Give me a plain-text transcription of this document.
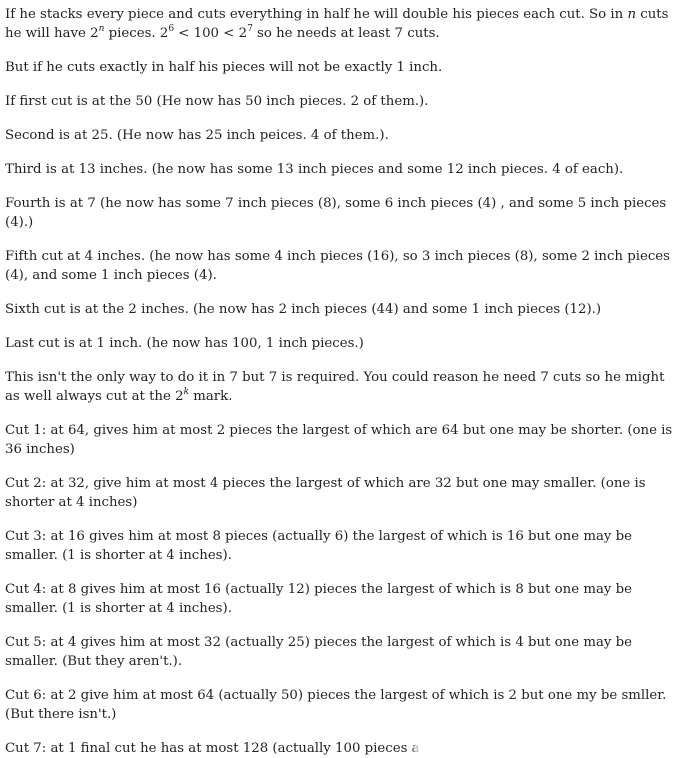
If he stacks every piece and cuts everything in half he will double his pieces each cut. So in n cuts he will have 2$^n$ pieces. $2^6 < 100 < 2^7$ so he needs at least 7 cuts.

But if he cuts exactly in half his pieces will not be exactly 1 inch.

If first cut is at the 50 (He now has 50 inch pieces. 2 of them.).

Second is at 25. (He now has 25 inch peices. 4 of them.).

Third is at 13 inches. (he now has some 13 inch pieces and some 12 inch pieces. 4 of each).

Fourth is at 7 (he now has some 7 inch pieces (8), some 6 inch pieces (4) , and some 5 inch pieces (4).)

Fifth cut at 4 inches. (he now has some 4 inch pieces (16), so 3 inch pieces (8), some 2 inch pieces (4), and some 1 inch pieces (4).

Sixth cut is at the 2 inches. (he now has 2 inch pieces (44) and some 1 inch pieces (12).)

Last cut is at 1 inch. (he now has 100, 1 inch pieces.)

This isn't the only way to do it in 7 but 7 is required. You could reason he need 7 cuts so he might as well always cut at the 2$^k$ mark.

Cut 1: at 64, gives him at most 2 pieces the largest of which are 64 but one may be shorter. (one is 36 inches)

Cut 2: at 32, give him at most 4 pieces the largest of which are 32 but one may smaller. (one is shorter at 4 inches)

Cut 3: at 16 gives him at most 8 pieces (actually 6) the largest of which is 16 but one may be smaller. (1 is shorter at 4 inches).

Cut 4: at 8 gives him at most 16 (actually 12) pieces the largest of which is 8 but one may be smaller. (1 is shorter at 4 inches).

Cut 5: at 4 gives him at most 32 (actually 25) pieces the largest of which is 4 but one may be smaller. (But they aren't.).

Cut 6: at 2 give him at most 64 (actually 50) pieces the largest of which is 2 but one my be smller. (But there isn't.)

Cut 7: at 1 final cut he has at most 128 (actually 100 pieces a
